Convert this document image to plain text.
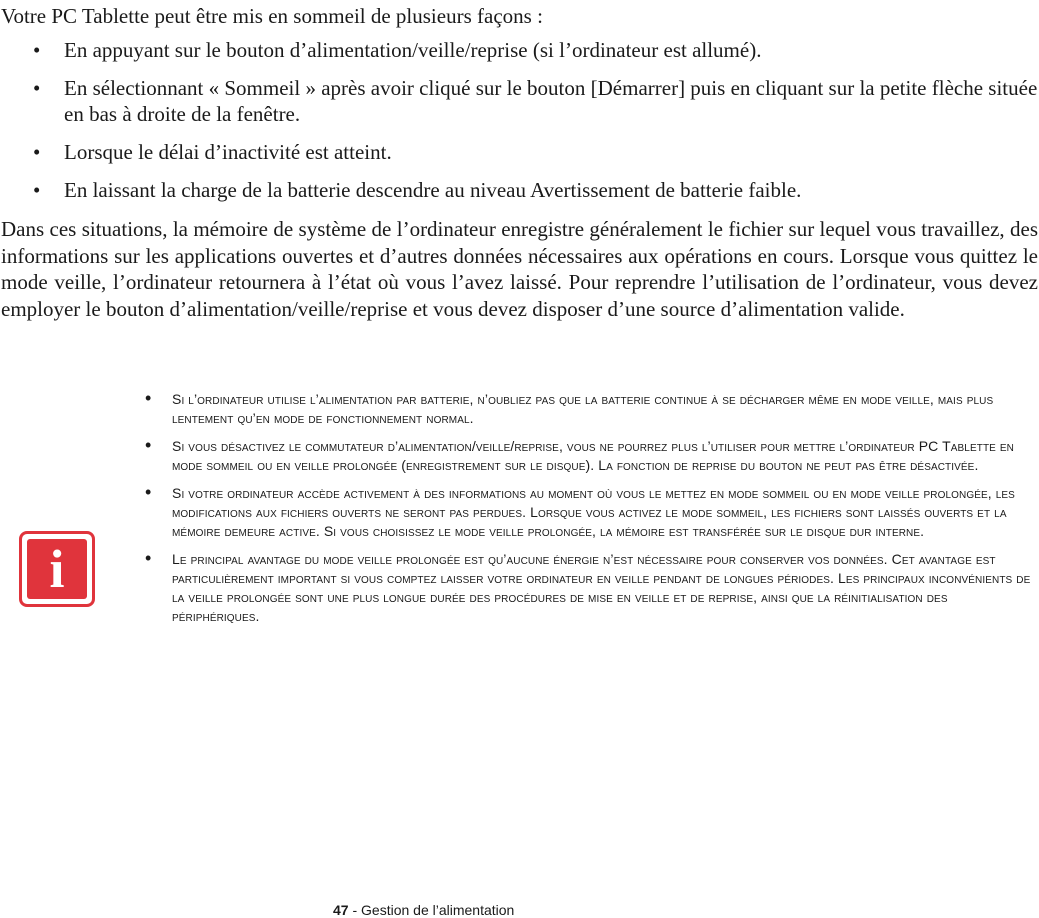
Votre PC Tablette peut être mis en sommeil de plusieurs façons :

• En appuyant sur le bouton d’alimentation/veille/reprise (si l’ordinateur est allumé).
• En sélectionnant « Sommeil » après avoir cliqué sur le bouton [Démarrer] puis en cliquant sur la petite flèche située en bas à droite de la fenêtre.
• Lorsque le délai d’inactivité est atteint.
• En laissant la charge de la batterie descendre au niveau Avertissement de batterie faible.

Dans ces situations, la mémoire de système de l’ordinateur enregistre généralement le fichier sur lequel vous travaillez, des informations sur les applications ouvertes et d’autres données nécessaires aux opérations en cours. Lorsque vous quittez le mode veille, l’ordinateur retournera à l’état où vous l’avez laissé. Pour reprendre l’utilisation de l’ordinateur, vous devez employer le bouton d’alimentation/veille/reprise et vous devez disposer d’une source d’alimentation valide.

i
• Si l’ordinateur utilise l’alimentation par batterie, n’oubliez pas que la batterie continue à se décharger même en mode veille, mais plus lentement qu’en mode de fonctionnement normal.
• Si vous désactivez le commutateur d’alimentation/veille/reprise, vous ne pourrez plus l’utiliser pour mettre l’ordinateur PC Tablette en mode sommeil ou en veille prolongée (enregistrement sur le disque). La fonction de reprise du bouton ne peut pas être désactivée.
• Si votre ordinateur accède activement à des informations au moment où vous le mettez en mode sommeil ou en mode veille prolongée, les modifications aux fichiers ouverts ne seront pas perdues. Lorsque vous activez le mode sommeil, les fichiers sont laissés ouverts et la mémoire demeure active. Si vous choisissez le mode veille prolongée, la mémoire est transférée sur le disque dur interne.
• Le principal avantage du mode veille prolongée est qu’aucune énergie n’est nécessaire pour conserver vos données. Cet avantage est particulièrement important si vous comptez laisser votre ordinateur en veille pendant de longues périodes. Les principaux inconvénients de la veille prolongée sont une plus longue durée des procédures de mise en veille et de reprise, ainsi que la réinitialisation des périphériques.
47 - Gestion de l’alimentation
